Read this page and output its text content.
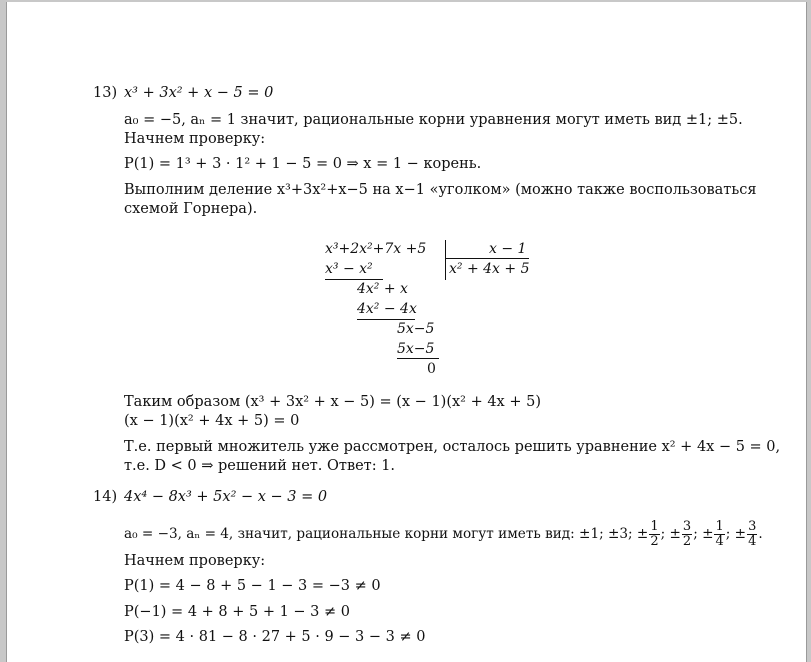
13) x³ + 3x² + x − 5 = 0
a₀ = −5, aₙ = 1 значит, рациональные корни уравнения могут иметь вид ±1; ±5.
Начнем проверку:
P(1) = 1³ + 3 · 1² + 1 − 5 = 0 ⇒ x = 1 − корень.
Выполним деление x³+3x²+x−5 на x−1 «уголком» (можно также воспользоваться
схемой Горнера).
x³+2x²+7x +5	x − 1
x² + 4x + 5
x³ − x²
4x² + x
4x² − 4x
5x−5
5x−5
0
Таким образом (x³ + 3x² + x − 5) = (x − 1)(x² + 4x + 5)
(x − 1)(x² + 4x + 5) = 0
Т.е. первый множитель уже рассмотрен, осталось решить уравнение x² + 4x − 5 = 0,
т.е. D < 0 ⇒ решений нет. Ответ: 1.
14) 4x⁴ − 8x³ + 5x² − x − 3 = 0
a₀ = −3, aₙ = 4, значит, рациональные корни могут иметь вид: ±1; ±3; ± $\frac{1}{2}$ ; ± $\frac{3}{2}$ ; ± $\frac{1}{4}$ ; ± $\frac{3}{4}$ .
Начнем проверку:
P(1) = 4 − 8 + 5 − 1 − 3 = −3 ≠ 0
P(−1) = 4 + 8 + 5 + 1 − 3 ≠ 0
P(3) = 4 · 81 − 8 · 27 + 5 · 9 − 3 − 3 ≠ 0
